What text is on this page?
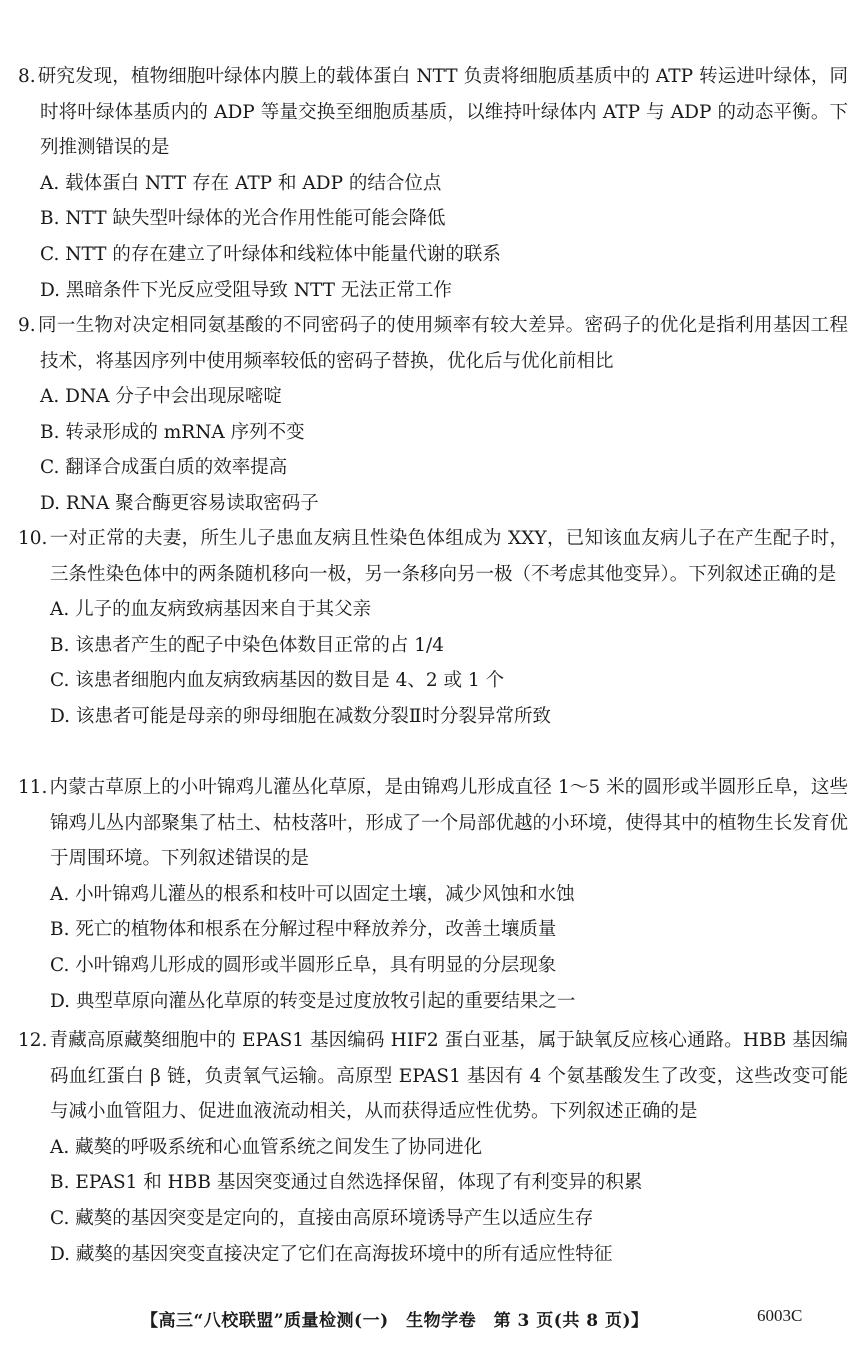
8. 研究发现，植物细胞叶绿体内膜上的载体蛋白 NTT 负责将细胞质基质中的 ATP 转运进叶绿体，同时将叶绿体基质内的 ADP 等量交换至细胞质基质，以维持叶绿体内 ATP 与 ADP 的动态平衡。下列推测错误的是

A. 载体蛋白 NTT 存在 ATP 和 ADP 的结合位点

B. NTT 缺失型叶绿体的光合作用性能可能会降低

C. NTT 的存在建立了叶绿体和线粒体中能量代谢的联系

D. 黑暗条件下光反应受阻导致 NTT 无法正常工作

9. 同一生物对决定相同氨基酸的不同密码子的使用频率有较大差异。密码子的优化是指利用基因工程技术，将基因序列中使用频率较低的密码子替换，优化后与优化前相比

A. DNA 分子中会出现尿嘧啶

B. 转录形成的 mRNA 序列不变

C. 翻译合成蛋白质的效率提高

D. RNA 聚合酶更容易读取密码子

10. 一对正常的夫妻，所生儿子患血友病且性染色体组成为 XXY，已知该血友病儿子在产生配子时，三条性染色体中的两条随机移向一极，另一条移向另一极（不考虑其他变异）。下列叙述正确的是

A. 儿子的血友病致病基因来自于其父亲

B. 该患者产生的配子中染色体数目正常的占 1/4

C. 该患者细胞内血友病致病基因的数目是 4、2 或 1 个

D. 该患者可能是母亲的卵母细胞在减数分裂Ⅱ时分裂异常所致

11. 内蒙古草原上的小叶锦鸡儿灌丛化草原，是由锦鸡儿形成直径 1～5 米的圆形或半圆形丘阜，这些锦鸡儿丛内部聚集了枯土、枯枝落叶，形成了一个局部优越的小环境，使得其中的植物生长发育优于周围环境。下列叙述错误的是

A. 小叶锦鸡儿灌丛的根系和枝叶可以固定土壤，减少风蚀和水蚀

B. 死亡的植物体和根系在分解过程中释放养分，改善土壤质量

C. 小叶锦鸡儿形成的圆形或半圆形丘阜，具有明显的分层现象

D. 典型草原向灌丛化草原的转变是过度放牧引起的重要结果之一

12. 青藏高原藏獒细胞中的 EPAS1 基因编码 HIF2 蛋白亚基，属于缺氧反应核心通路。HBB 基因编码血红蛋白 β 链，负责氧气运输。高原型 EPAS1 基因有 4 个氨基酸发生了改变，这些改变可能与减小血管阻力、促进血液流动相关，从而获得适应性优势。下列叙述正确的是

A. 藏獒的呼吸系统和心血管系统之间发生了协同进化

B. EPAS1 和 HBB 基因突变通过自然选择保留，体现了有利变异的积累

C. 藏獒的基因突变是定向的，直接由高原环境诱导产生以适应生存

D. 藏獒的基因突变直接决定了它们在高海拔环境中的所有适应性特征

【高三“八校联盟”质量检测(一)　生物学卷　第 3 页(共 8 页)】	6003C
